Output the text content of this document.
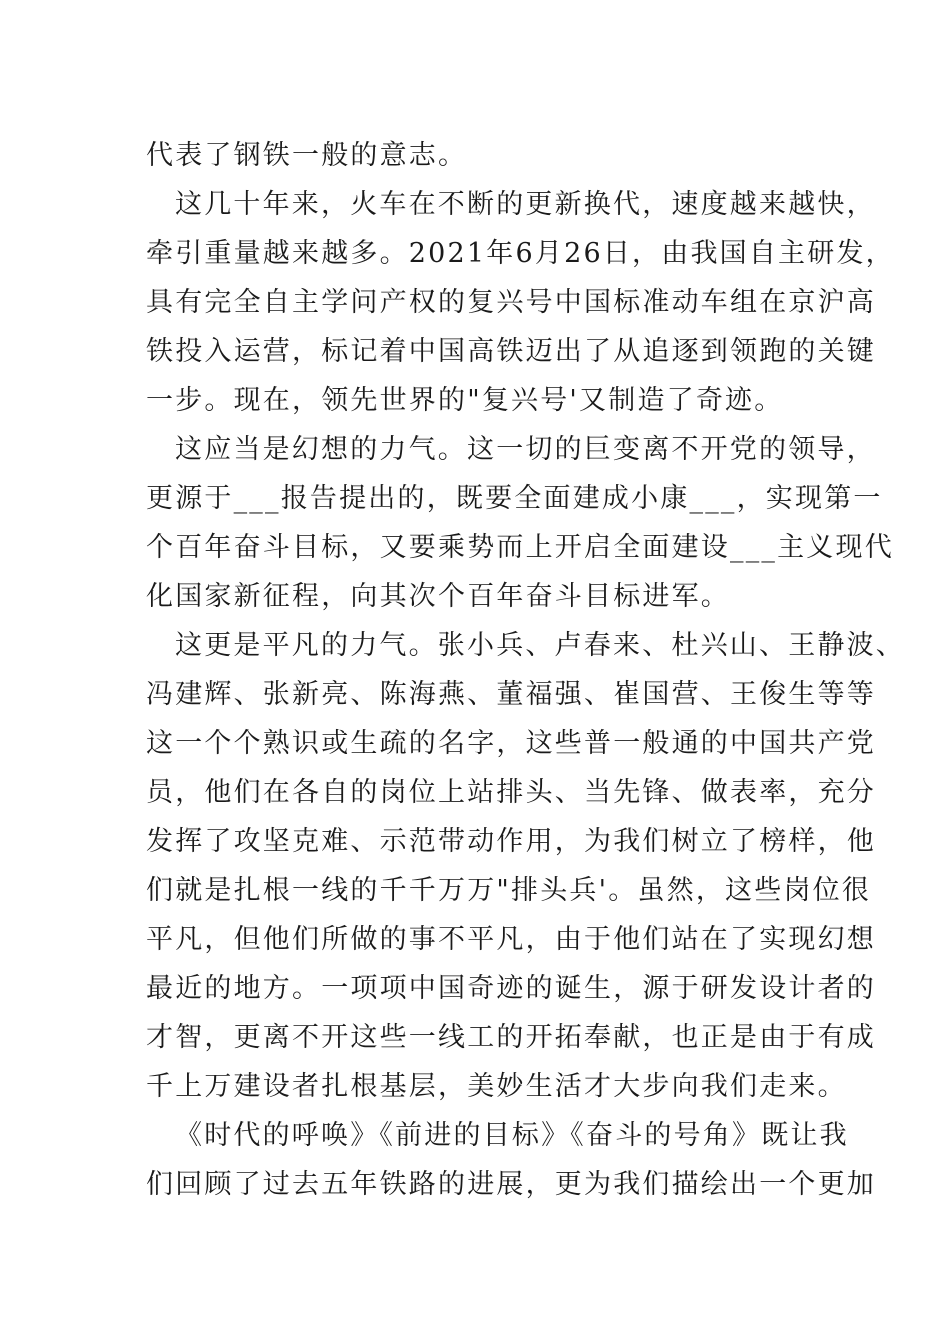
代表了钢铁一般的意志。
这几十年来，火车在不断的更新换代，速度越来越快，
牵引重量越来越多。2021年6月26日，由我国自主研发，
具有完全自主学问产权的复兴号中国标准动车组在京沪高
铁投入运营，标记着中国高铁迈出了从追逐到领跑的关键
一步。现在，领先世界的"复兴号'又制造了奇迹。
这应当是幻想的力气。这一切的巨变离不开党的领导，
更源于___报告提出的，既要全面建成小康___，实现第一
个百年奋斗目标，又要乘势而上开启全面建设___主义现代
化国家新征程，向其次个百年奋斗目标进军。
这更是平凡的力气。张小兵、卢春来、杜兴山、王静波、
冯建辉、张新亮、陈海燕、董福强、崔国营、王俊生等等
这一个个熟识或生疏的名字，这些普一般通的中国共产党
员，他们在各自的岗位上站排头、当先锋、做表率，充分
发挥了攻坚克难、示范带动作用，为我们树立了榜样，他
们就是扎根一线的千千万万"排头兵'。虽然，这些岗位很
平凡，但他们所做的事不平凡，由于他们站在了实现幻想
最近的地方。一项项中国奇迹的诞生，源于研发设计者的
才智，更离不开这些一线工的开拓奉献，也正是由于有成
千上万建设者扎根基层，美妙生活才大步向我们走来。
《时代的呼唤》《前进的目标》《奋斗的号角》既让我
们回顾了过去五年铁路的进展，更为我们描绘出一个更加
